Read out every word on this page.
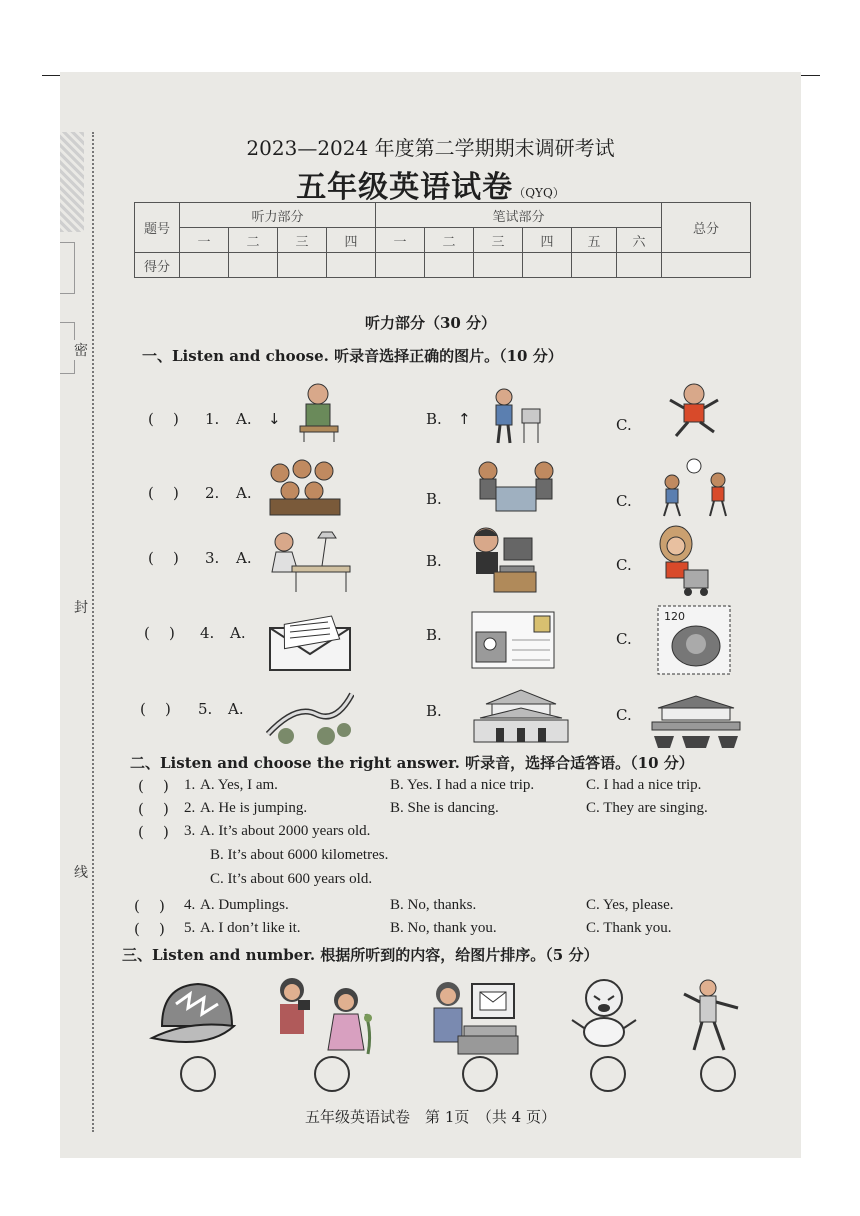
密
封
线
2023—2024 年度第二学期期末调研考试
五年级英语试卷（QYQ）
题号	听力部分				笔试部分						总分
	一	二	三	四	一	二	三	四	五	六	
得分											
听力部分（30 分）
一、Listen and choose. 听录音选择正确的图片。（10 分）
( ) 1. A. ↓	B. ↑	C.
( ) 2. A.	B.	C.
( ) 3. A.	B.	C.
( ) 4. A.	B.	C.
120
( ) 5. A.	B.	C.
二、Listen and choose the right answer. 听录音，选择合适答语。（10 分）
( ) 1. A. Yes, I am.	B. Yes. I had a nice trip.	C. I had a nice trip.
( ) 2. A. He is jumping.	B. She is dancing.	C. They are singing.
( ) 3. A. It’s about 2000 years old.
B. It’s about 6000 kilometres.
C. It’s about 600 years old.
( ) 4. A. Dumplings.	B. No, thanks.	C. Yes, please.
( ) 5. A. I don’t like it.	B. No, thank you.	C. Thank you.
三、Listen and number. 根据所听到的内容，给图片排序。（5 分）
五年级英语试卷　第 1页　（共 4 页）
